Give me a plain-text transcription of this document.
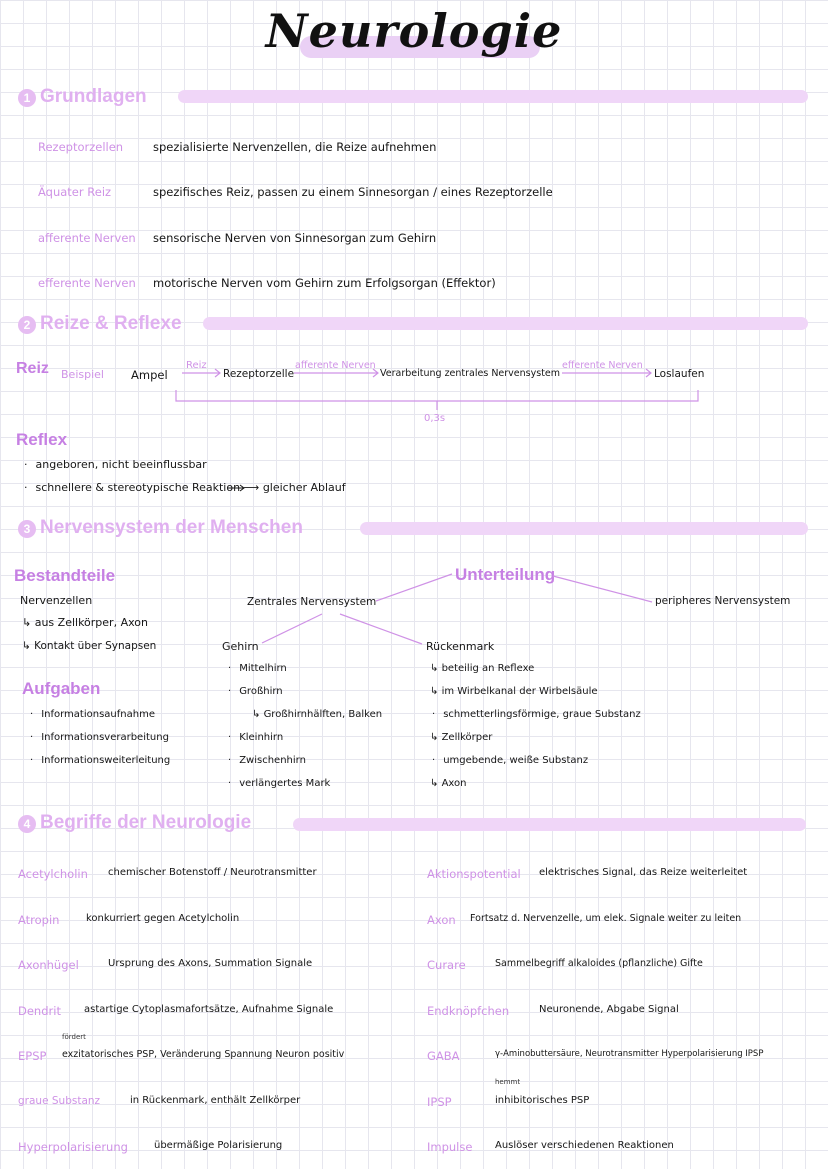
Neurologie
1 Grundlagen
Rezeptorzellen	spezialisierte Nervenzellen, die Reize aufnehmen
Äquater Reiz	spezifisches Reiz, passen zu einem Sinnesorgan / eines Rezeptorzelle
afferente Nerven sensorische Nerven von Sinnesorgan zum Gehirn
efferente Nerven motorische Nerven vom Gehirn zum Erfolgsorgan (Effektor)
2 Reize & Reflexe
Reiz Beispiel Ampel
Reiz
Rezeptorzelle
afferente Nerven
Verarbeitung zentrales Nervensystem
efferente Nerven
Loslaufen
0,3s
Reflex
· angeboren, nicht beeinflussbar
· schnellere & stereotypische Reaktion ⟶ gleicher Ablauf
3 Nervensystem der Menschen
Bestandteile
Nervenzellen
↳ aus Zellkörper, Axon
↳ Kontakt über Synapsen
Aufgaben
· Informationsaufnahme
· Informationsverarbeitung
· Informationsweiterleitung
Unterteilung
Zentrales Nervensystem	peripheres Nervensystem
Gehirn
· Mittelhirn
· Großhirn
↳ Großhirnhälften, Balken
· Kleinhirn
· Zwischenhirn
· verlängertes Mark
Rückenmark
↳ beteilig an Reflexe
↳ im Wirbelkanal der Wirbelsäule
· schmetterlingsförmige, graue Substanz
↳ Zellkörper
· umgebende, weiße Substanz
↳ Axon
4 Begriffe der Neurologie
Acetylcholin chemischer Botenstoff / Neurotransmitter
Atropin	konkurriert gegen Acetylcholin
Axonhügel	Ursprung des Axons, Summation Signale
Dendrit astartige Cytoplasmafortsätze, Aufnahme Signale
fördert
EPSP exzitatorisches PSP, Veränderung Spannung Neuron positiv
graue Substanz	in Rückenmark, enthält Zellkörper
Hyperpolarisierung	übermäßige Polarisierung
Aktionspotential elektrisches Signal, das Reize weiterleitet
Axon Fortsatz d. Nervenzelle, um elek. Signale weiter zu leiten
Curare	Sammelbegriff alkaloides (pflanzliche) Gifte
Endknöpfchen	Neuronende, Abgabe Signal
GABA	γ-Aminobuttersäure, Neurotransmitter Hyperpolarisierung IPSP
hemmt
IPSP	inhibitorisches PSP
Impulse Auslöser verschiedenen Reaktionen
